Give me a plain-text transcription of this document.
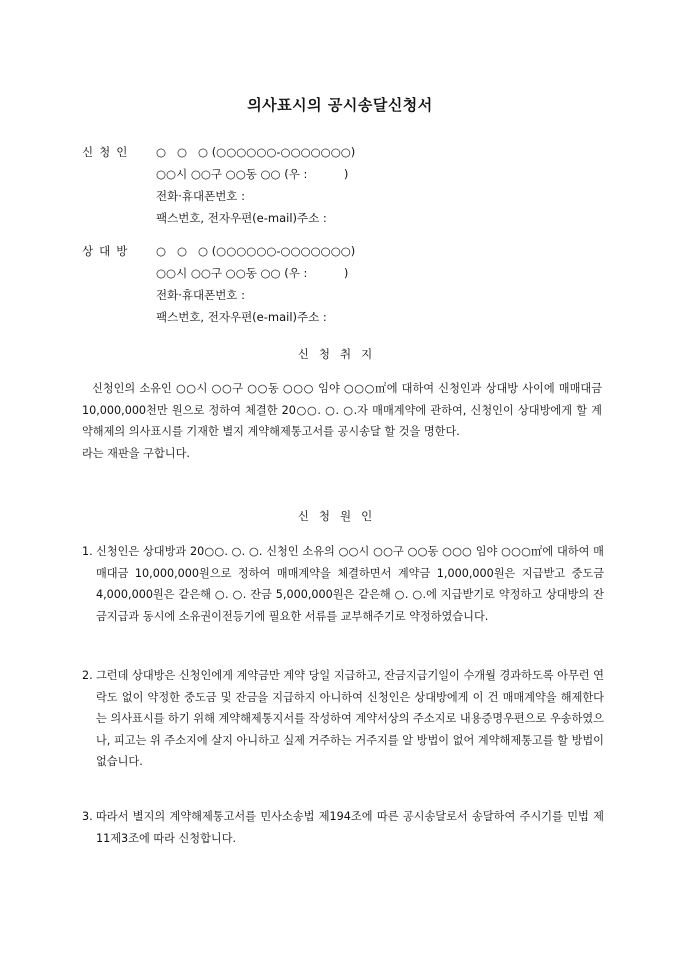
의사표시의 공시송달신청서
신청인	○   ○   ○ (○○○○○○-○○○○○○○)
○○시 ○○구 ○○동 ○○ (우 :          )
전화·휴대폰번호 :
팩스번호, 전자우편(e-mail)주소 :
상대방	○   ○   ○ (○○○○○○-○○○○○○○)
○○시 ○○구 ○○동 ○○ (우 :          )
전화·휴대폰번호 :
팩스번호, 전자우편(e-mail)주소 :
신청취지
신청인의 소유인 ○○시 ○○구 ○○동 ○○○ 임야 ○○○㎡에 대하여 신청인과 상대방 사이에 매매대금 10,000,000천만 원으로 정하여 체결한 20○○. ○. ○.자 매매계약에 관하여, 신청인이 상대방에게 할 계약해제의 의사표시를 기재한 별지 계약해제통고서를 공시송달 할 것을 명한다.
라는 재판을 구합니다.
신청원인
1. 신청인은 상대방과 20○○. ○. ○. 신청인 소유의 ○○시 ○○구 ○○동 ○○○ 임야 ○○○㎡에 대하여 매매대금 10,000,000원으로 정하여 매매계약을 체결하면서 계약금 1,000,000원은 지급받고 중도금 4,000,000원은 같은해 ○. ○. 잔금 5,000,000원은 같은해 ○. ○.에 지급받기로 약정하고 상대방의 잔금지급과 동시에 소유권이전등기에 필요한 서류를 교부해주기로 약정하였습니다.
2. 그런데 상대방은 신청인에게 계약금만 계약 당일 지급하고, 잔금지급기일이 수개월 경과하도록 아무런 연락도 없이 약정한 중도금 및 잔금을 지급하지 아니하여 신청인은 상대방에게 이 건 매매계약을 해제한다는 의사표시를 하기 위해 계약해제통지서를 작성하여 계약서상의 주소지로 내용증명우편으로 우송하였으나, 피고는 위 주소지에 살지 아니하고 실제 거주하는 거주지를 알 방법이 없어 계약해제통고를 할 방법이 없습니다.
3. 따라서 별지의 계약해제통고서를 민사소송법 제194조에 따른 공시송달로서 송달하여 주시기를 민법 제11제3조에 따라 신청합니다.
